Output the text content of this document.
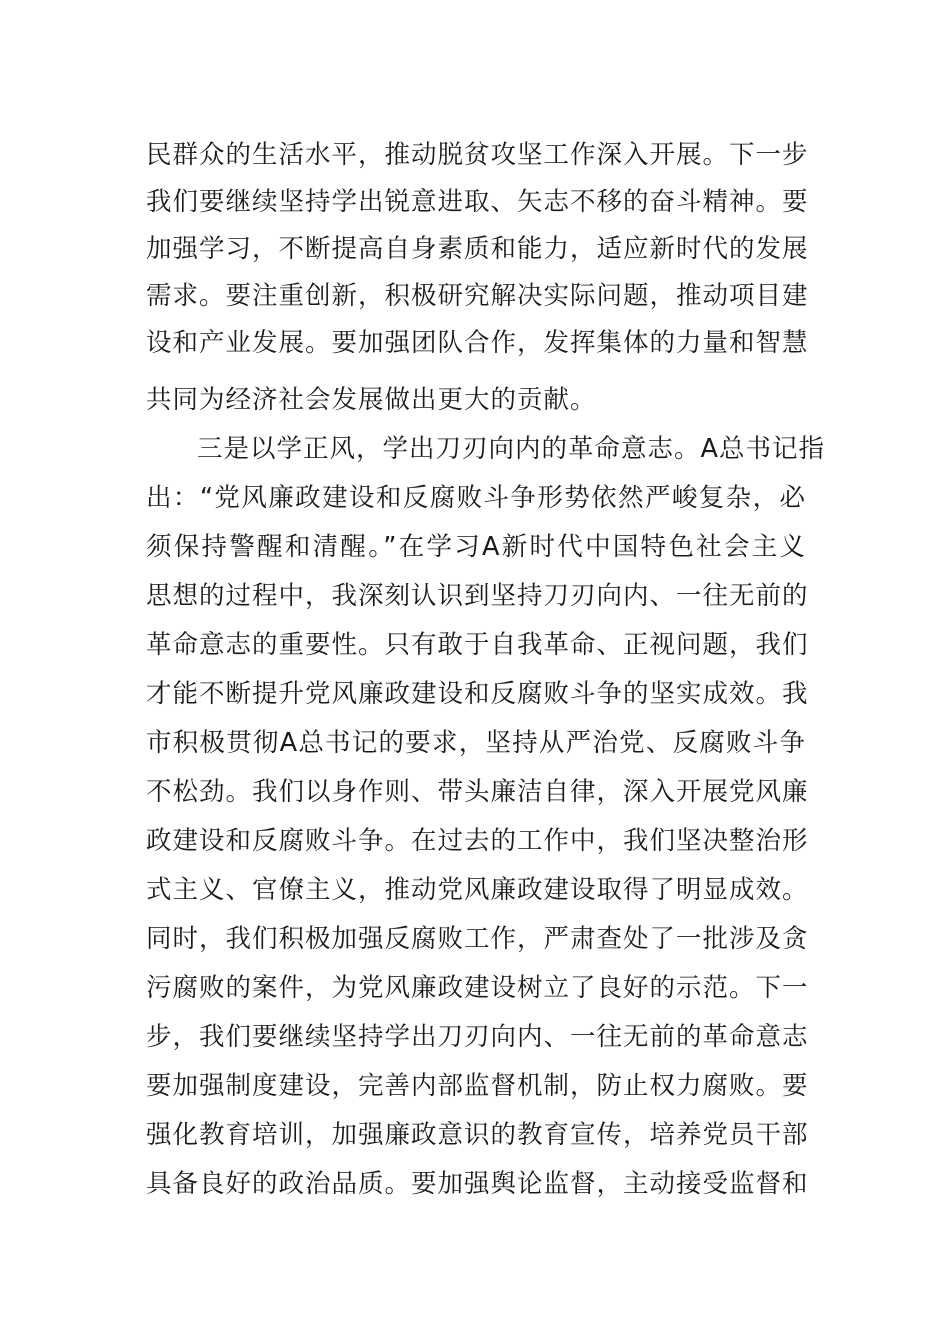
民群众的生活水平，推动脱贫攻坚工作深入开展。下一步
我们要继续坚持学出锐意进取、矢志不移的奋斗精神。要
加强学习，不断提高自身素质和能力，适应新时代的发展
需求。要注重创新，积极研究解决实际问题，推动项目建
设和产业发展。要加强团队合作，发挥集体的力量和智慧
共同为经济社会发展做出更大的贡献。
三是以学正风，学出刀刃向内的革命意志。A总书记指
出：“党风廉政建设和反腐败斗争形势依然严峻复杂，必
须保持警醒和清醒。”在学习A新时代中国特色社会主义
思想的过程中，我深刻认识到坚持刀刃向内、一往无前的
革命意志的重要性。只有敢于自我革命、正视问题，我们
才能不断提升党风廉政建设和反腐败斗争的坚实成效。我
市积极贯彻A总书记的要求，坚持从严治党、反腐败斗争
不松劲。我们以身作则、带头廉洁自律，深入开展党风廉
政建设和反腐败斗争。在过去的工作中，我们坚决整治形
式主义、官僚主义，推动党风廉政建设取得了明显成效。
同时，我们积极加强反腐败工作，严肃查处了一批涉及贪
污腐败的案件，为党风廉政建设树立了良好的示范。下一
步，我们要继续坚持学出刀刃向内、一往无前的革命意志
要加强制度建设，完善内部监督机制，防止权力腐败。要
强化教育培训，加强廉政意识的教育宣传，培养党员干部
具备良好的政治品质。要加强舆论监督，主动接受监督和
